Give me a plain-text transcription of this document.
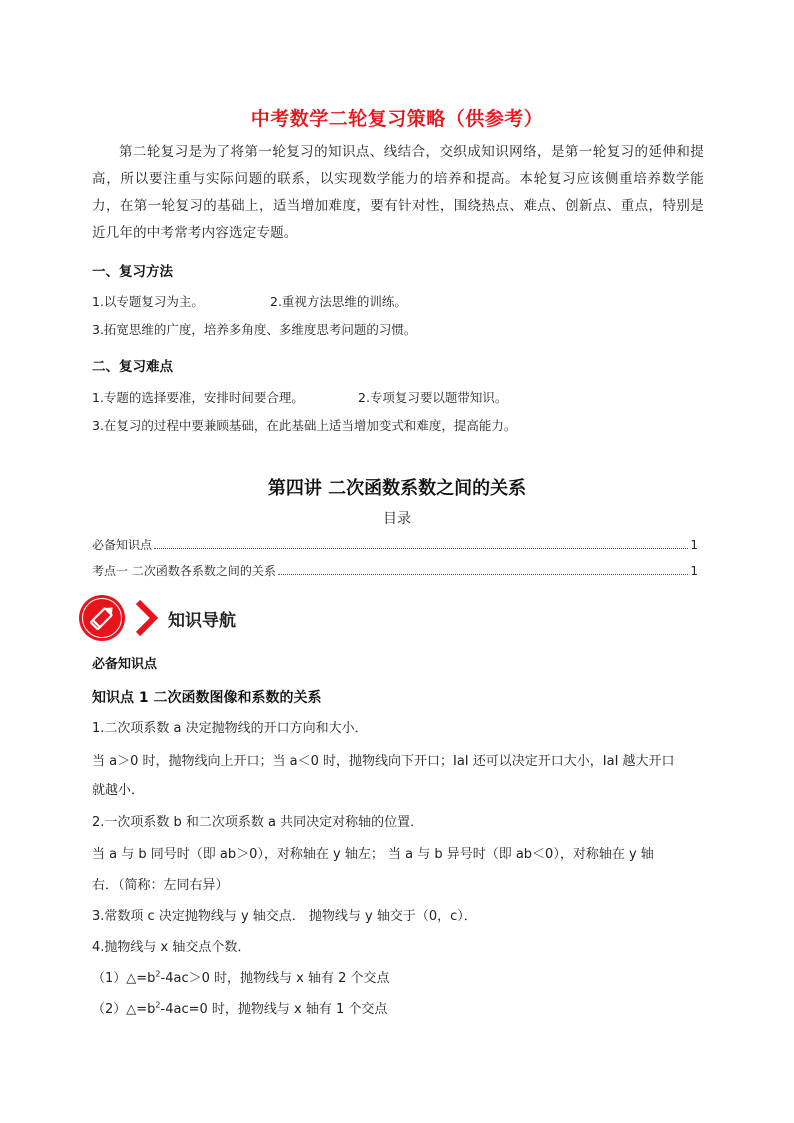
中考数学二轮复习策略（供参考）
第二轮复习是为了将第一轮复习的知识点、线结合，交织成知识网络，是第一轮复习的延伸和提高，所以要注重与实际问题的联系，以实现数学能力的培养和提高。本轮复习应该侧重培养数学能力，在第一轮复习的基础上，适当增加难度，要有针对性，围绕热点、难点、创新点、重点，特别是近几年的中考常考内容选定专题。
一、复习方法
1.以专题复习为主。	2.重视方法思维的训练。
3.拓宽思维的广度，培养多角度、多维度思考问题的习惯。
二、复习难点
1.专题的选择要准，安排时间要合理。	2.专项复习要以题带知识。
3.在复习的过程中要兼顾基础，在此基础上适当增加变式和难度，提高能力。
第四讲 二次函数系数之间的关系
目录
必备知识点	1
考点一 二次函数各系数之间的关系	1
知识导航
必备知识点
知识点 1 二次函数图像和系数的关系
1.二次项系数 a 决定抛物线的开口方向和大小．
当 a＞0 时，抛物线向上开口；当 a＜0 时，抛物线向下开口；IaI 还可以决定开口大小，IaI 越大开口
就越小．
2.一次项系数 b 和二次项系数 a 共同决定对称轴的位置．
当 a 与 b 同号时（即 ab＞0），对称轴在 y 轴左； 当 a 与 b 异号时（即 ab＜0），对称轴在 y 轴
右．（简称：左同右异）
3.常数项 c 决定抛物线与 y 轴交点． 抛物线与 y 轴交于（0，c）．
4.抛物线与 x 轴交点个数．
$(1)\triangle=b^2-4ac>0$ 时，抛物线与 x 轴有 2 个交点
$(2)\triangle=b^2-4ac=0$ 时，抛物线与 x 轴有 1 个交点
